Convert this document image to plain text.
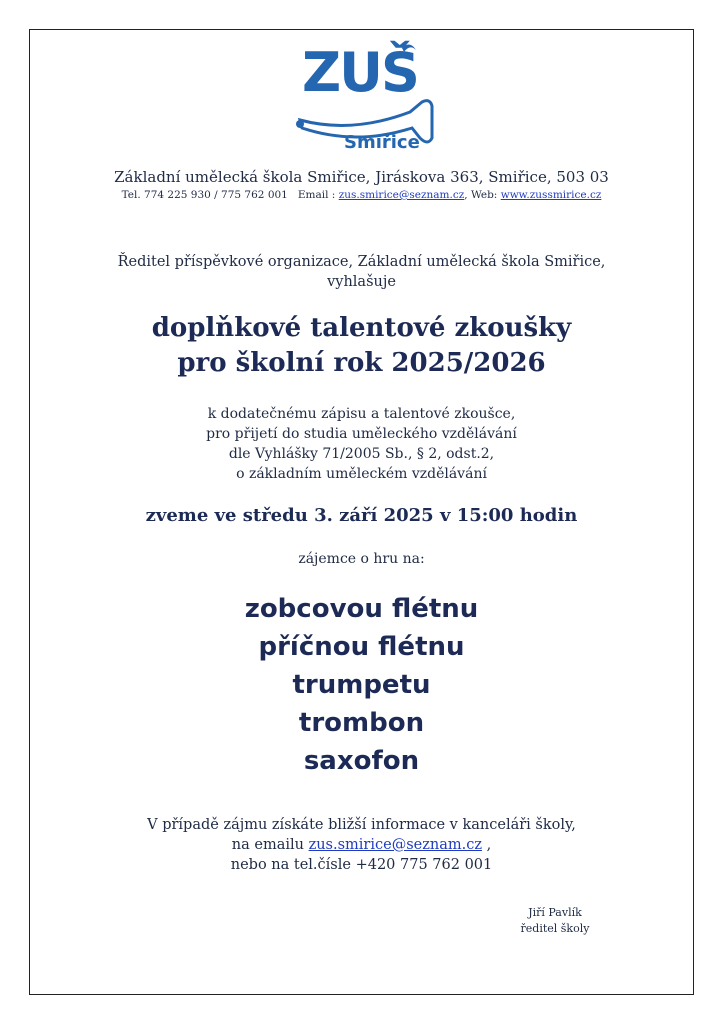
ZUŠ
Smiřice
Základní umělecká škola Smiřice, Jiráskova 363, Smiřice, 503 03
Tel. 774 225 930 / 775 762 001 Email : zus.smirice@seznam.cz, Web: www.zussmirice.cz
Ředitel příspěvkové organizace, Základní umělecká škola Smiřice,
vyhlašuje
doplňkové talentové zkoušky
pro školní rok 2025/2026
k dodatečnému zápisu a talentové zkoušce,
pro přijetí do studia uměleckého vzdělávání
dle Vyhlášky 71/2005 Sb., § 2, odst.2,
o základním uměleckém vzdělávání
zveme ve středu 3. září 2025 v 15:00 hodin
zájemce o hru na:
zobcovou flétnu
příčnou flétnu
trumpetu
trombon
saxofon
V případě zájmu získáte bližší informace v kanceláři školy,
na emailu zus.smirice@seznam.cz ,
nebo na tel.čísle +420 775 762 001
Jiří Pavlík
ředitel školy
